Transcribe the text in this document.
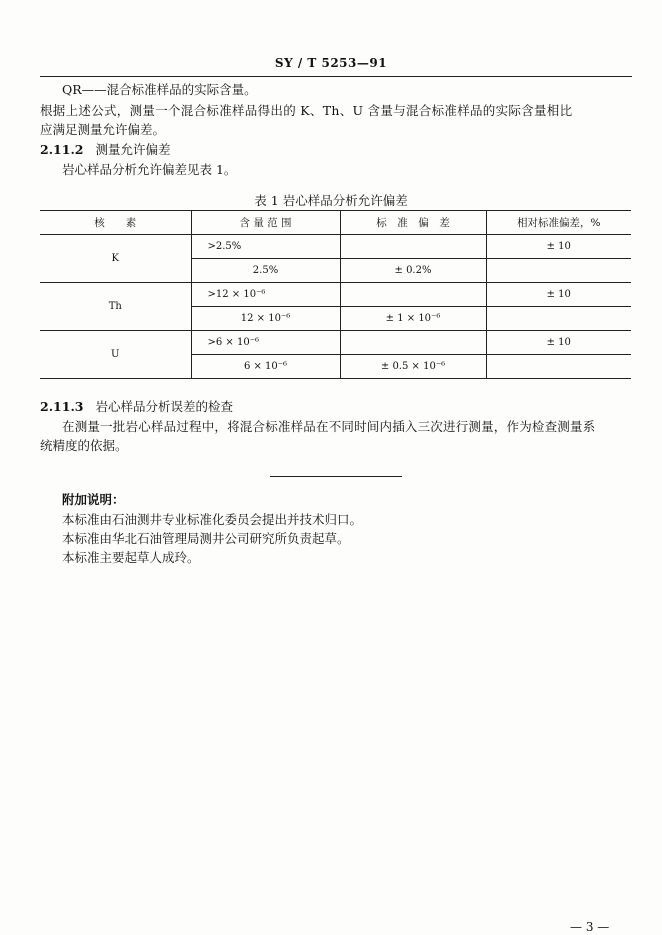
SY / T 5253—91
QR——混合标准样品的实际含量。
根据上述公式，测量一个混合标准样品得出的 K、Th、U 含量与混合标准样品的实际含量相比
应满足测量允许偏差。
2.11.2 测量允许偏差
岩心样品分析允许偏差见表 1。
表 1 岩心样品分析允许偏差
核　　素	含 量 范 围	标　准　偏　差	相对标准偏差，%
K	>2.5%		± 10
	2.5%	± 0.2%	
Th	>12 × 10⁻⁶		± 10
	12 × 10⁻⁶	± 1 × 10⁻⁶	
U	>6 × 10⁻⁶		± 10
	6 × 10⁻⁶	± 0.5 × 10⁻⁶	
2.11.3 岩心样品分析误差的检查
在测量一批岩心样品过程中，将混合标准样品在不同时间内插入三次进行测量，作为检查测量系
统精度的依据。
附加说明：
本标准由石油测井专业标准化委员会提出并技术归口。
本标准由华北石油管理局测井公司研究所负责起草。
本标准主要起草人成玲。
— 3 —
